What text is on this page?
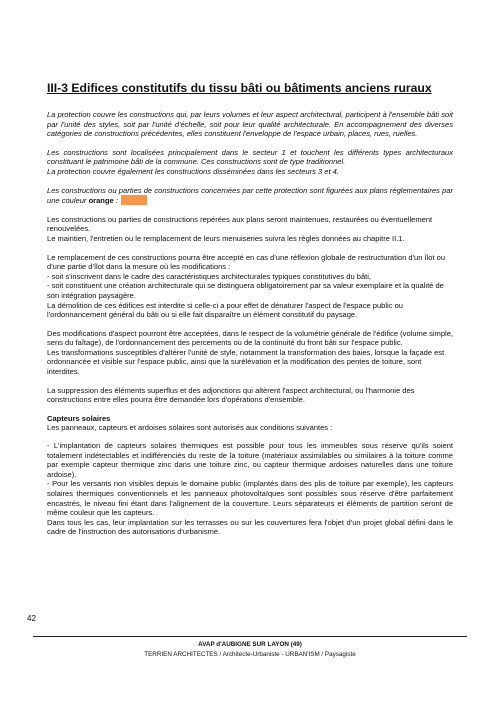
III-3 Edifices constitutifs du tissu bâti ou bâtiments anciens ruraux

La protection couvre les constructions qui, par leurs volumes et leur aspect architectural, participent à l'ensemble bâti soit par l'unité des styles, soit par l'unité d'échelle, soit pour leur qualité architecturale. En accompagnement des diverses catégories de constructions précédentes, elles constituent l'enveloppe de l'espace urbain, places, rues, ruelles.

Les constructions sont localisées principalement dans le secteur 1 et touchent les différents types architecturaux constituant le patrimoine bâti de la commune. Ces constructions sont de type traditionnel.
La protection couvre également les constructions disséminées dans les secteurs 3 et 4.

Les constructions ou parties de constructions concernées par cette protection sont figurées aux plans réglementaires par une couleur orange :

Les constructions ou parties de constructions repérées aux plans seront maintenues, restaurées ou éventuellement renouvelées.
Le maintien, l'entretien ou le remplacement de leurs menuiseries suivra les règles données au chapitre II.1.

Le remplacement de ces constructions pourra être accepté en cas d'une réflexion globale de restructuration d'un îlot ou d'une partie d'îlot dans la mesure où les modifications :
- soit s'inscrivent dans le cadre des caractéristiques architecturales typiques constitutives du bâti,
- soit constituent une création architecturale qui se distinguera obligatoirement par sa valeur exemplaire et la qualité de son intégration paysagère.
La démolition de ces édifices est interdite si celle-ci a pour effet de dénaturer l'aspect de l'espace public ou l'ordonnancement général du bâti ou si elle fait disparaître un élément constitutif du paysage.

Des modifications d'aspect pourront être acceptées, dans le respect de la volumétrie générale de l'édifice (volume simple, sens du faîtage), de l'ordonnancement des percements ou de la continuité du front bâti sur l'espace public.
Les transformations susceptibles d'altérer l'unité de style, notamment la transformation des baies, lorsque la façade est ordonnancée et visible sur l'espace public, ainsi que la surélévation et la modification des pentes de toiture, sont interdites.

La suppression des éléments superflus et des adjonctions qui altèrent l'aspect architectural, ou l'harmonie des constructions entre elles pourra être demandée lors d'opérations d'ensemble.

Capteurs solaires
Les panneaux, capteurs et ardoises solaires sont autorisés aux conditions suivantes :

- L'implantation de capteurs solaires thermiques est possible pour tous les immeubles sous réserve qu'ils soient totalement indétectables et indifférenciés du reste de la toiture (matériaux assimilables ou similaires à la toiture comme par exemple capteur thermique zinc dans une toiture zinc, ou capteur thermique ardoises naturelles dans une toiture ardoise).
- Pour les versants non visibles depuis le domaine public (implantés dans des plis de toiture par exemple), les capteurs solaires thermiques conventionnels et les panneaux photovoltaïques sont possibles sous réserve d'être parfaitement encastrés, le niveau fini étant dans l'alignement de la couverture. Leurs séparateurs et éléments de partition seront de même couleur que les capteurs.
Dans tous les cas, leur implantation sur les terrasses ou sur les couvertures fera l'objet d'un projet global défini dans le cadre de l'instruction des autorisations d'urbanisme.

42
AVAP d'AUBIGNE SUR LAYON (49)
TERRIEN ARCHITECTES / Architecte-Urbaniste - URBAN'ISM / Paysagiste
